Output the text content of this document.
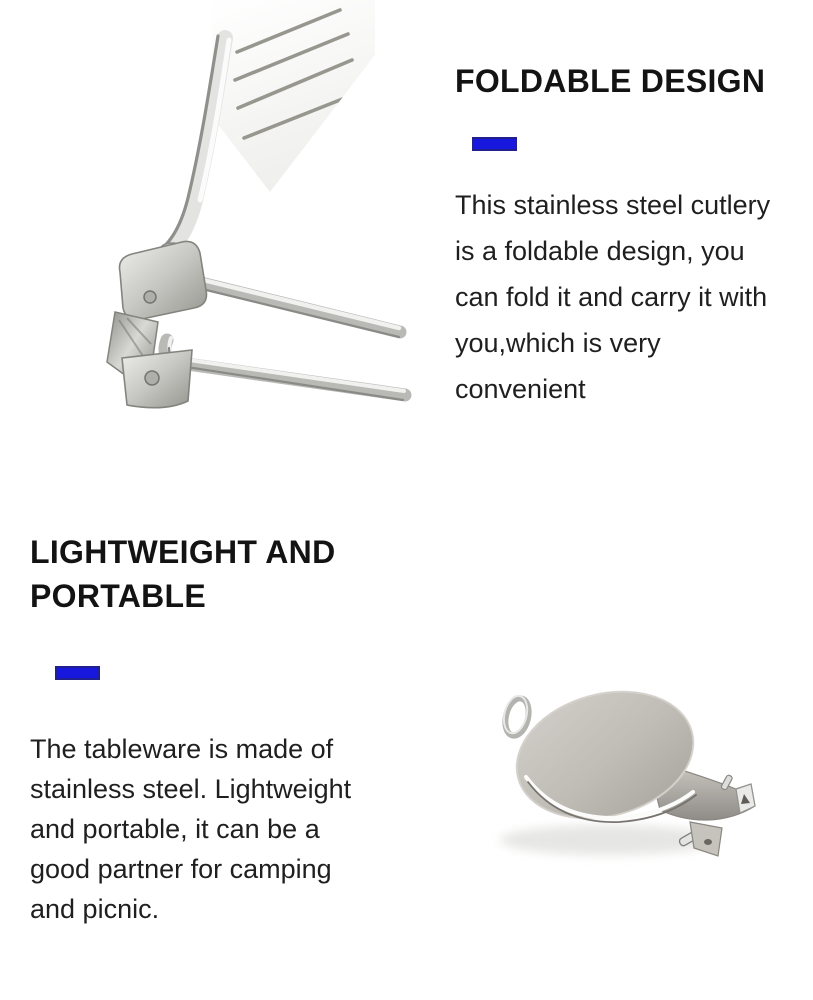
FOLDABLE DESIGN
This stainless steel cutlery
is a foldable design, you
can fold it and carry it with
you,which is very
convenient
LIGHTWEIGHT AND
PORTABLE
The tableware is made of
stainless steel. Lightweight
and portable, it can be a
good partner for camping
and picnic.
